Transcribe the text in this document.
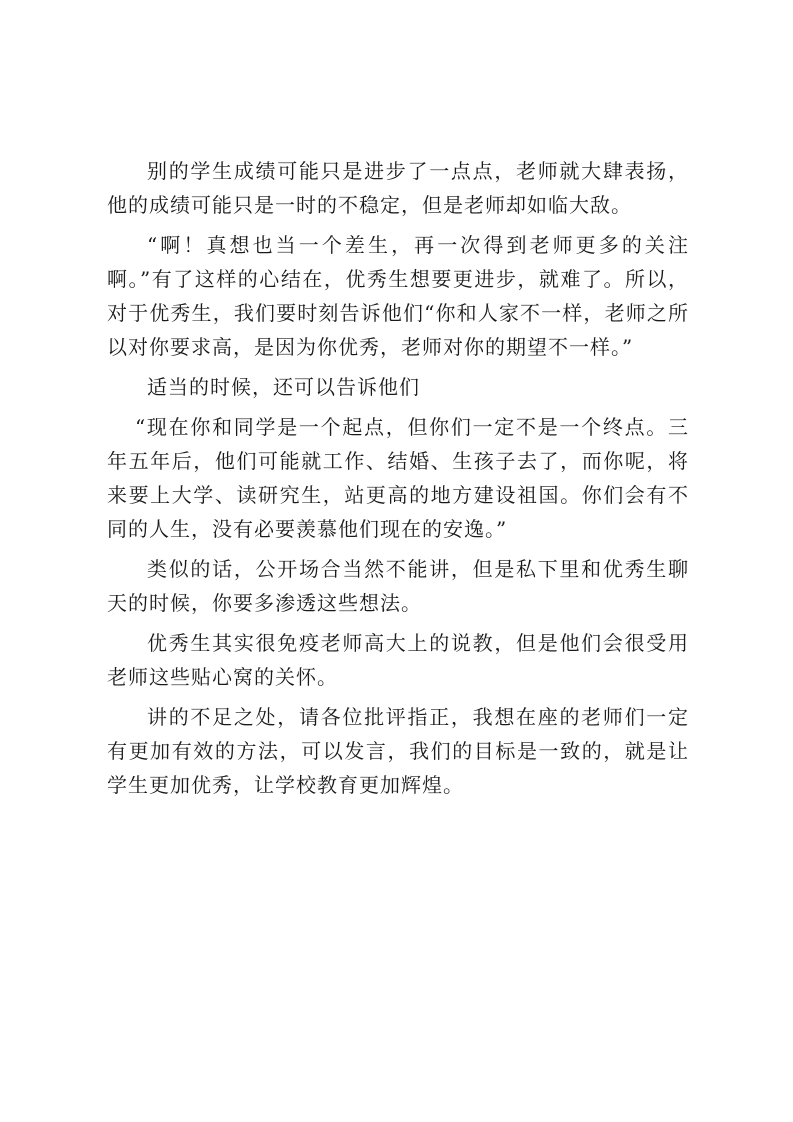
别的学生成绩可能只是进步了一点点，老师就大肆表扬，他的成绩可能只是一时的不稳定，但是老师却如临大敌。

“啊！真想也当一个差生，再一次得到老师更多的关注啊。”有了这样的心结在，优秀生想要更进步，就难了。所以，对于优秀生，我们要时刻告诉他们“你和人家不一样，老师之所以对你要求高，是因为你优秀，老师对你的期望不一样。”

适当的时候，还可以告诉他们

“现在你和同学是一个起点，但你们一定不是一个终点。三年五年后，他们可能就工作、结婚、生孩子去了，而你呢，将来要上大学、读研究生，站更高的地方建设祖国。你们会有不同的人生，没有必要羡慕他们现在的安逸。”

类似的话，公开场合当然不能讲，但是私下里和优秀生聊天的时候，你要多渗透这些想法。

优秀生其实很免疫老师高大上的说教，但是他们会很受用老师这些贴心窝的关怀。

讲的不足之处，请各位批评指正，我想在座的老师们一定有更加有效的方法，可以发言，我们的目标是一致的，就是让学生更加优秀，让学校教育更加辉煌。
